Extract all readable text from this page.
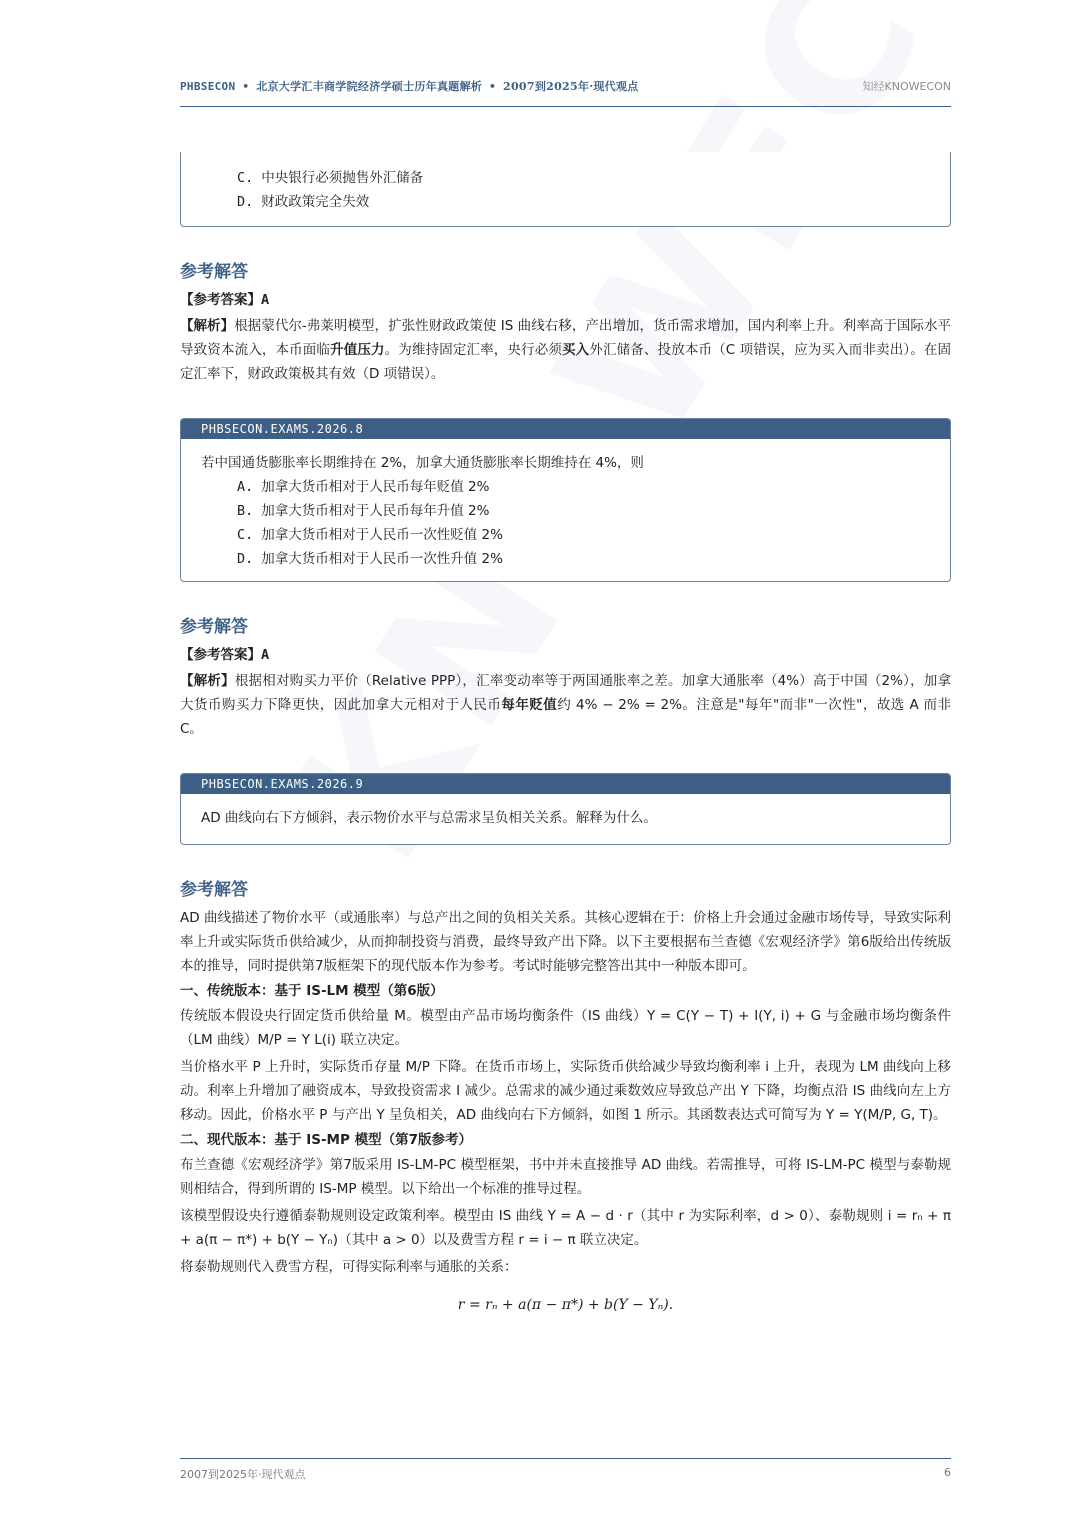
PHBSECON • 北京大学汇丰商学院经济学硕士历年真题解析 • 2007到2025年·现代观点	知经KNOWECON
C. 中央银行必须抛售外汇储备
D. 财政政策完全失效
参考解答

【参考答案】A

【解析】根据蒙代尔-弗莱明模型，扩张性财政政策使 IS 曲线右移，产出增加，货币需求增加，国内利率上升。利率高于国际水平导致资本流入，本币面临升值压力。为维持固定汇率，央行必须买入外汇储备、投放本币（C 项错误，应为买入而非卖出）。在固定汇率下，财政政策极其有效（D 项错误）。

PHBSECON.EXAMS.2026.8
若中国通货膨胀率长期维持在 2%，加拿大通货膨胀率长期维持在 4%，则
A. 加拿大货币相对于人民币每年贬值 2%
B. 加拿大货币相对于人民币每年升值 2%
C. 加拿大货币相对于人民币一次性贬值 2%
D. 加拿大货币相对于人民币一次性升值 2%
参考解答

【参考答案】A

【解析】根据相对购买力平价（Relative PPP），汇率变动率等于两国通胀率之差。加拿大通胀率（4%）高于中国（2%），加拿大货币购买力下降更快，因此加拿大元相对于人民币每年贬值约 4% − 2% = 2%。注意是"每年"而非"一次性"，故选 A 而非 C。

PHBSECON.EXAMS.2026.9
AD 曲线向右下方倾斜，表示物价水平与总需求呈负相关关系。解释为什么。
参考解答

AD 曲线描述了物价水平（或通胀率）与总产出之间的负相关关系。其核心逻辑在于：价格上升会通过金融市场传导，导致实际利率上升或实际货币供给减少，从而抑制投资与消费，最终导致产出下降。以下主要根据布兰查德《宏观经济学》第6版给出传统版本的推导，同时提供第7版框架下的现代版本作为参考。考试时能够完整答出其中一种版本即可。

一、传统版本：基于 IS-LM 模型（第6版）

传统版本假设央行固定货币供给量 M。模型由产品市场均衡条件（IS 曲线）Y = C(Y − T) + I(Y, i) + G 与金融市场均衡条件（LM 曲线）M/P = Y L(i) 联立决定。

当价格水平 P 上升时，实际货币存量 M/P 下降。在货币市场上，实际货币供给减少导致均衡利率 i 上升，表现为 LM 曲线向上移动。利率上升增加了融资成本，导致投资需求 I 减少。总需求的减少通过乘数效应导致总产出 Y 下降，均衡点沿 IS 曲线向左上方移动。因此，价格水平 P 与产出 Y 呈负相关，AD 曲线向右下方倾斜，如图 1 所示。其函数表达式可简写为 Y = Y(M/P, G, T)。

二、现代版本：基于 IS-MP 模型（第7版参考）

布兰查德《宏观经济学》第7版采用 IS-LM-PC 模型框架，书中并未直接推导 AD 曲线。若需推导，可将 IS-LM-PC 模型与泰勒规则相结合，得到所谓的 IS-MP 模型。以下给出一个标准的推导过程。

该模型假设央行遵循泰勒规则设定政策利率。模型由 IS 曲线 Y = A − d · r（其中 r 为实际利率，d > 0）、泰勒规则 i = rₙ + π + a(π − π*) + b(Y − Yₙ)（其中 a > 0）以及费雪方程 r = i − π 联立决定。

将泰勒规则代入费雪方程，可得实际利率与通胀的关系：

r = rₙ + a(π − π*) + b(Y − Yₙ).
2007到2025年·现代观点	6
